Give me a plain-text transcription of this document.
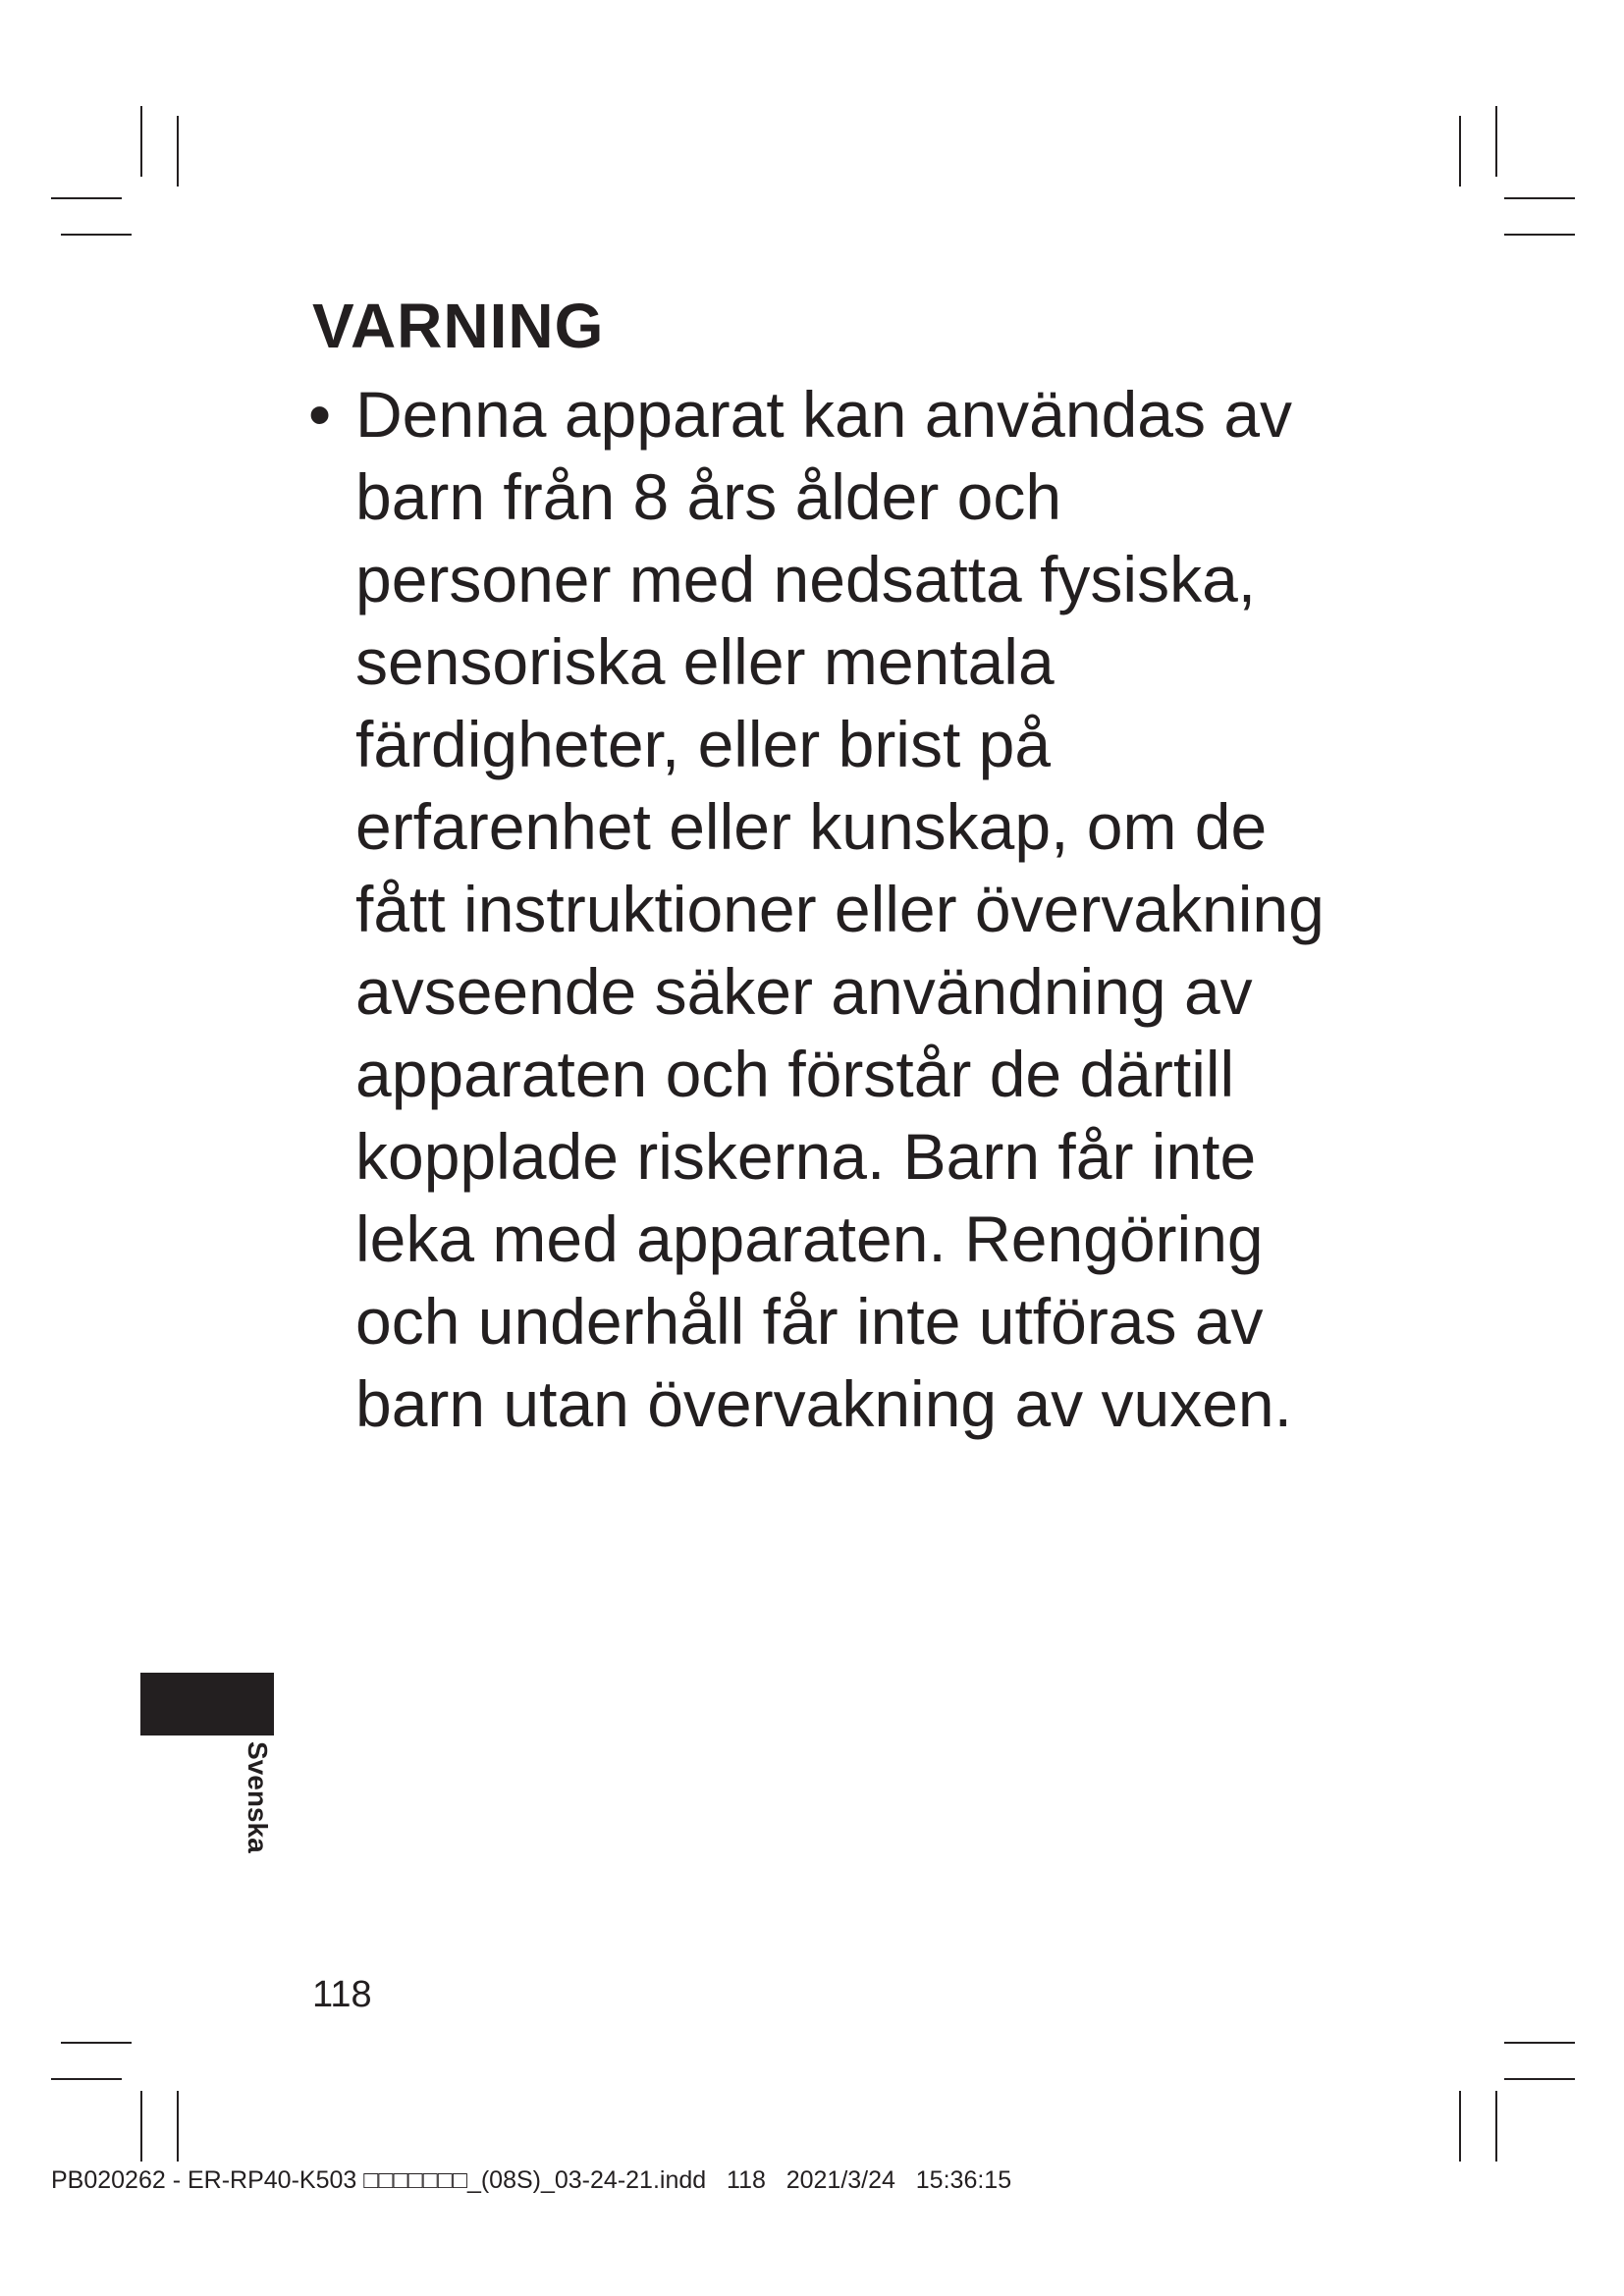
VARNING
• Denna apparat kan användas av barn från 8 års ålder och personer med nedsatta fysiska, sensoriska eller mentala färdigheter, eller brist på erfarenhet eller kunskap, om de fått instruktioner eller övervakning avseende säker användning av apparaten och förstår de därtill kopplade riskerna. Barn får inte leka med apparaten. Rengöring och underhåll får inte utföras av barn utan övervakning av vuxen.

Svenska
118
PB020262 - ER-RP40-K503 □□□□□□□_(08S)_03-24-21.indd 118 2021/3/24 15:36:15
